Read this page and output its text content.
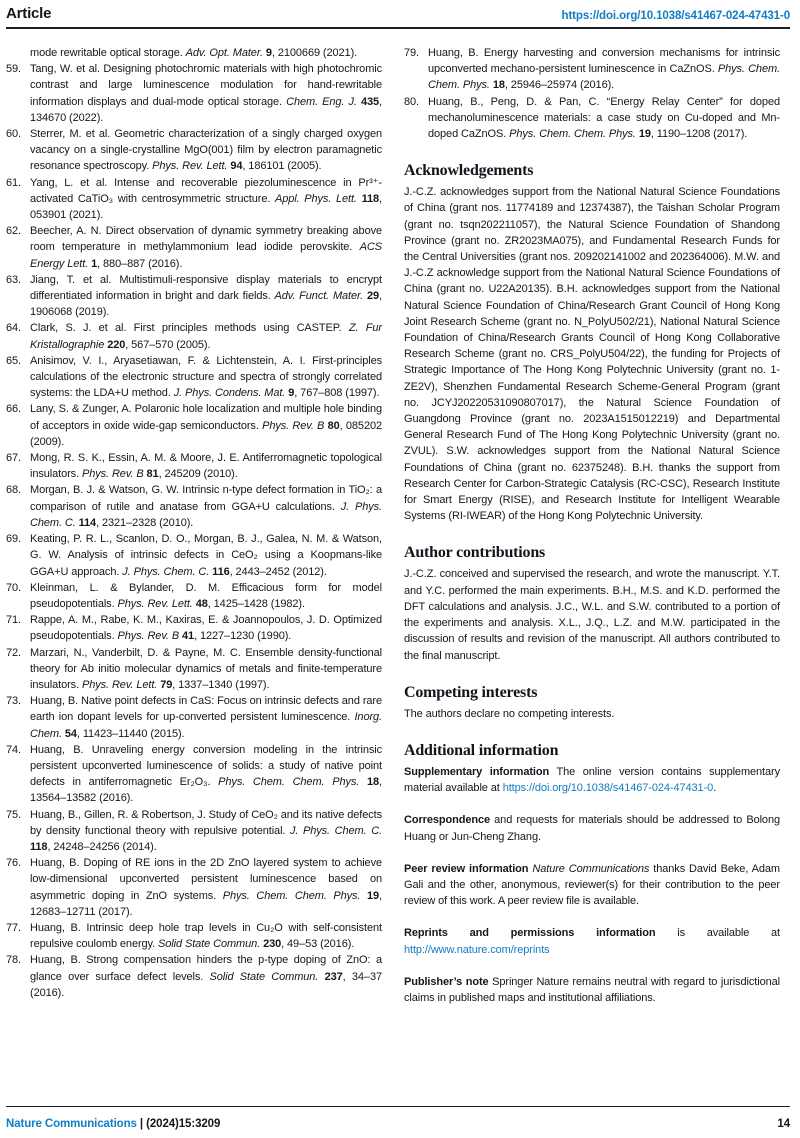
Article	https://doi.org/10.1038/s41467-024-47431-0
mode rewritable optical storage. Adv. Opt. Mater. 9, 2100669 (2021).
59. Tang, W. et al. Designing photochromic materials with high photochromic contrast and large luminescence modulation for hand-rewritable information displays and dual-mode optical storage. Chem. Eng. J. 435, 134670 (2022).
60. Sterrer, M. et al. Geometric characterization of a singly charged oxygen vacancy on a single-crystalline MgO(001) film by electron paramagnetic resonance spectroscopy. Phys. Rev. Lett. 94, 186101 (2005).
61. Yang, L. et al. Intense and recoverable piezoluminescence in Pr³⁺-activated CaTiO₃ with centrosymmetric structure. Appl. Phys. Lett. 118, 053901 (2021).
62. Beecher, A. N. Direct observation of dynamic symmetry breaking above room temperature in methylammonium lead iodide perovskite. ACS Energy Lett. 1, 880–887 (2016).
63. Jiang, T. et al. Multistimuli-responsive display materials to encrypt differentiated information in bright and dark fields. Adv. Funct. Mater. 29, 1906068 (2019).
64. Clark, S. J. et al. First principles methods using CASTEP. Z. Fur Kristallographie 220, 567–570 (2005).
65. Anisimov, V. I., Aryasetiawan, F. & Lichtenstein, A. I. First-principles calculations of the electronic structure and spectra of strongly correlated systems: the LDA+U method. J. Phys. Condens. Mat. 9, 767–808 (1997).
66. Lany, S. & Zunger, A. Polaronic hole localization and multiple hole binding of acceptors in oxide wide-gap semiconductors. Phys. Rev. B 80, 085202 (2009).
67. Mong, R. S. K., Essin, A. M. & Moore, J. E. Antiferromagnetic topological insulators. Phys. Rev. B 81, 245209 (2010).
68. Morgan, B. J. & Watson, G. W. Intrinsic n-type defect formation in TiO₂: a comparison of rutile and anatase from GGA+U calculations. J. Phys. Chem. C. 114, 2321–2328 (2010).
69. Keating, P. R. L., Scanlon, D. O., Morgan, B. J., Galea, N. M. & Watson, G. W. Analysis of intrinsic defects in CeO₂ using a Koopmans-like GGA+U approach. J. Phys. Chem. C. 116, 2443–2452 (2012).
70. Kleinman, L. & Bylander, D. M. Efficacious form for model pseudopotentials. Phys. Rev. Lett. 48, 1425–1428 (1982).
71. Rappe, A. M., Rabe, K. M., Kaxiras, E. & Joannopoulos, J. D. Optimized pseudopotentials. Phys. Rev. B 41, 1227–1230 (1990).
72. Marzari, N., Vanderbilt, D. & Payne, M. C. Ensemble density-functional theory for Ab initio molecular dynamics of metals and finite-temperature insulators. Phys. Rev. Lett. 79, 1337–1340 (1997).
73. Huang, B. Native point defects in CaS: Focus on intrinsic defects and rare earth ion dopant levels for up-converted persistent luminescence. Inorg. Chem. 54, 11423–11440 (2015).
74. Huang, B. Unraveling energy conversion modeling in the intrinsic persistent upconverted luminescence of solids: a study of native point defects in antiferromagnetic Er₂O₃. Phys. Chem. Chem. Phys. 18, 13564–13582 (2016).
75. Huang, B., Gillen, R. & Robertson, J. Study of CeO₂ and its native defects by density functional theory with repulsive potential. J. Phys. Chem. C. 118, 24248–24256 (2014).
76. Huang, B. Doping of RE ions in the 2D ZnO layered system to achieve low-dimensional upconverted persistent luminescence based on asymmetric doping in ZnO systems. Phys. Chem. Chem. Phys. 19, 12683–12711 (2017).
77. Huang, B. Intrinsic deep hole trap levels in Cu₂O with self-consistent repulsive coulomb energy. Solid State Commun. 230, 49–53 (2016).
78. Huang, B. Strong compensation hinders the p-type doping of ZnO: a glance over surface defect levels. Solid State Commun. 237, 34–37 (2016).
79. Huang, B. Energy harvesting and conversion mechanisms for intrinsic upconverted mechano-persistent luminescence in CaZnOS. Phys. Chem. Chem. Phys. 18, 25946–25974 (2016).
80. Huang, B., Peng, D. & Pan, C. “Energy Relay Center” for doped mechanoluminescence materials: a case study on Cu-doped and Mn-doped CaZnOS. Phys. Chem. Chem. Phys. 19, 1190–1208 (2017).
Acknowledgements

J.-C.Z. acknowledges support from the National Natural Science Foundations of China (grant nos. 11774189 and 12374387), the Taishan Scholar Program (grant no. tsqn202211057), the Natural Science Foundation of Shandong Province (grant no. ZR2023MA075), and Fundamental Research Funds for the Central Universities (grant nos. 209202141002 and 202364006). M.W. and J.-C.Z acknowledge support from the National Natural Science Foundations of China (grant no. U22A20135). B.H. acknowledges support from the National Natural Science Foundation of China/Research Grant Council of Hong Kong Joint Research Scheme (grant no. N_PolyU502/21), National Natural Science Foundation of China/Research Grants Council of Hong Kong Collaborative Research Scheme (grant no. CRS_PolyU504/22), the funding for Projects of Strategic Importance of The Hong Kong Polytechnic University (grant no. 1-ZE2V), Shenzhen Fundamental Research Scheme-General Program (grant no. JCYJ20220531090807017), the Natural Science Foundation of Guangdong Province (grant no. 2023A1515012219) and Departmental General Research Fund of The Hong Kong Polytechnic University (grant no. ZVUL). S.W. acknowledges support from the National Natural Science Foundations of China (grant no. 62375248). B.H. thanks the support from Research Center for Carbon-Strategic Catalysis (RC-CSC), Research Institute for Smart Energy (RISE), and Research Institute for Intelligent Wearable Systems (RI-IWEAR) of the Hong Kong Polytechnic University.

Author contributions

J.-C.Z. conceived and supervised the research, and wrote the manuscript. Y.T. and Y.C. performed the main experiments. B.H., M.S. and K.D. performed the DFT calculations and analysis. J.C., W.L. and S.W. contributed to a portion of the experiments and analysis. X.L., J.Q., L.Z. and M.W. participated in the discussion of results and revision of the manuscript. All authors contributed to the final manuscript.

Competing interests

The authors declare no competing interests.

Additional information

Supplementary information The online version contains supplementary material available at https://doi.org/10.1038/s41467-024-47431-0.

Correspondence and requests for materials should be addressed to Bolong Huang or Jun-Cheng Zhang.

Peer review information Nature Communications thanks David Beke, Adam Gali and the other, anonymous, reviewer(s) for their contribution to the peer review of this work. A peer review file is available.

Reprints and permissions information is available at http://www.nature.com/reprints

Publisher’s note Springer Nature remains neutral with regard to jurisdictional claims in published maps and institutional affiliations.

Nature Communications | (2024)15:3209	14
